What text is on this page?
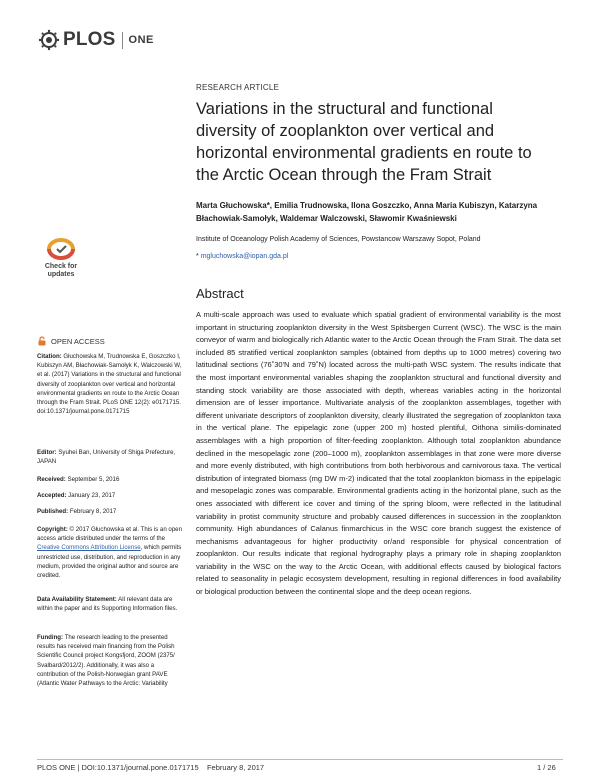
PLOS ONE
RESEARCH ARTICLE
Variations in the structural and functional diversity of zooplankton over vertical and horizontal environmental gradients en route to the Arctic Ocean through the Fram Strait
Marta Głuchowska*, Emilia Trudnowska, Ilona Goszczko, Anna Maria Kubiszyn, Katarzyna Błachowiak-Samołyk, Waldemar Walczowski, Sławomir Kwaśniewski
Institute of Oceanology Polish Academy of Sciences, Powstancow Warszawy Sopot, Poland
* mgluchowska@iopan.gda.pl
Check for updates
OPEN ACCESS
Citation: Głuchowska M, Trudnowska E, Goszczko I, Kubiszyn AM, Błachowiak-Samołyk K, Walczowski W, et al. (2017) Variations in the structural and functional diversity of zooplankton over vertical and horizontal environmental gradients en route to the Arctic Ocean through the Fram Strait. PLoS ONE 12(2): e0171715. doi:10.1371/journal.pone.0171715
Editor: Syuhei Ban, University of Shiga Prefecture, JAPAN
Received: September 5, 2016
Accepted: January 23, 2017
Published: February 8, 2017
Copyright: © 2017 Głuchowska et al. This is an open access article distributed under the terms of the Creative Commons Attribution License, which permits unrestricted use, distribution, and reproduction in any medium, provided the original author and source are credited.
Data Availability Statement: All relevant data are within the paper and its Supporting Information files.
Funding: The research leading to the presented results has received main financing from the Polish Scientific Council project Kongsfjord, ZOOM (2375/ Svalbard/2012/2). Additionally, it was also a contribution of the Polish-Norwegian grant PAVE (Atlantic Water Pathways to the Arctic: Variability
Abstract

A multi-scale approach was used to evaluate which spatial gradient of environmental variability is the most important in structuring zooplankton diversity in the West Spitsbergen Current (WSC). The WSC is the main conveyor of warm and biologically rich Atlantic water to the Arctic Ocean through the Fram Strait. The data set included 85 stratified vertical zooplankton samples (obtained from depths up to 1000 metres) covering two latitudinal sections (76˚30'N and 79˚N) located across the multi-path WSC system. The results indicate that the most important environmental variables shaping the zooplankton structural and functional diversity and standing stock variability are those associated with depth, whereas variables acting in the horizontal dimension are of lesser importance. Multivariate analysis of the zooplankton assemblages, together with different univariate descriptors of zooplankton diversity, clearly illustrated the segregation of zooplankton taxa in the vertical plane. The epipelagic zone (upper 200 m) hosted plentiful, Oithona similis-dominated assemblages with a high proportion of filter-feeding zooplankton. Although total zooplankton abundance declined in the mesopelagic zone (200–1000 m), zooplankton assemblages in that zone were more diverse and more evenly distributed, with high contributions from both herbivorous and carnivorous taxa. The vertical distribution of integrated biomass (mg DW m-2) indicated that the total zooplankton biomass in the epipelagic and mesopelagic zones was comparable. Environmental gradients acting in the horizontal plane, such as the ones associated with different ice cover and timing of the spring bloom, were reflected in the latitudinal variability in protist community structure and probably caused differences in succession in the zooplankton community. High abundances of Calanus finmarchicus in the WSC core branch suggest the existence of mechanisms advantageous for higher productivity or/and responsible for physical concentration of zooplankton. Our results indicate that regional hydrography plays a primary role in shaping zooplankton variability in the WSC on the way to the Arctic Ocean, with additional effects caused by biological factors related to seasonality in pelagic ecosystem development, resulting in regional differences in food availability or biological production between the continental slope and the deep ocean regions.

PLOS ONE | DOI:10.1371/journal.pone.0171715    February 8, 2017	1 / 26
